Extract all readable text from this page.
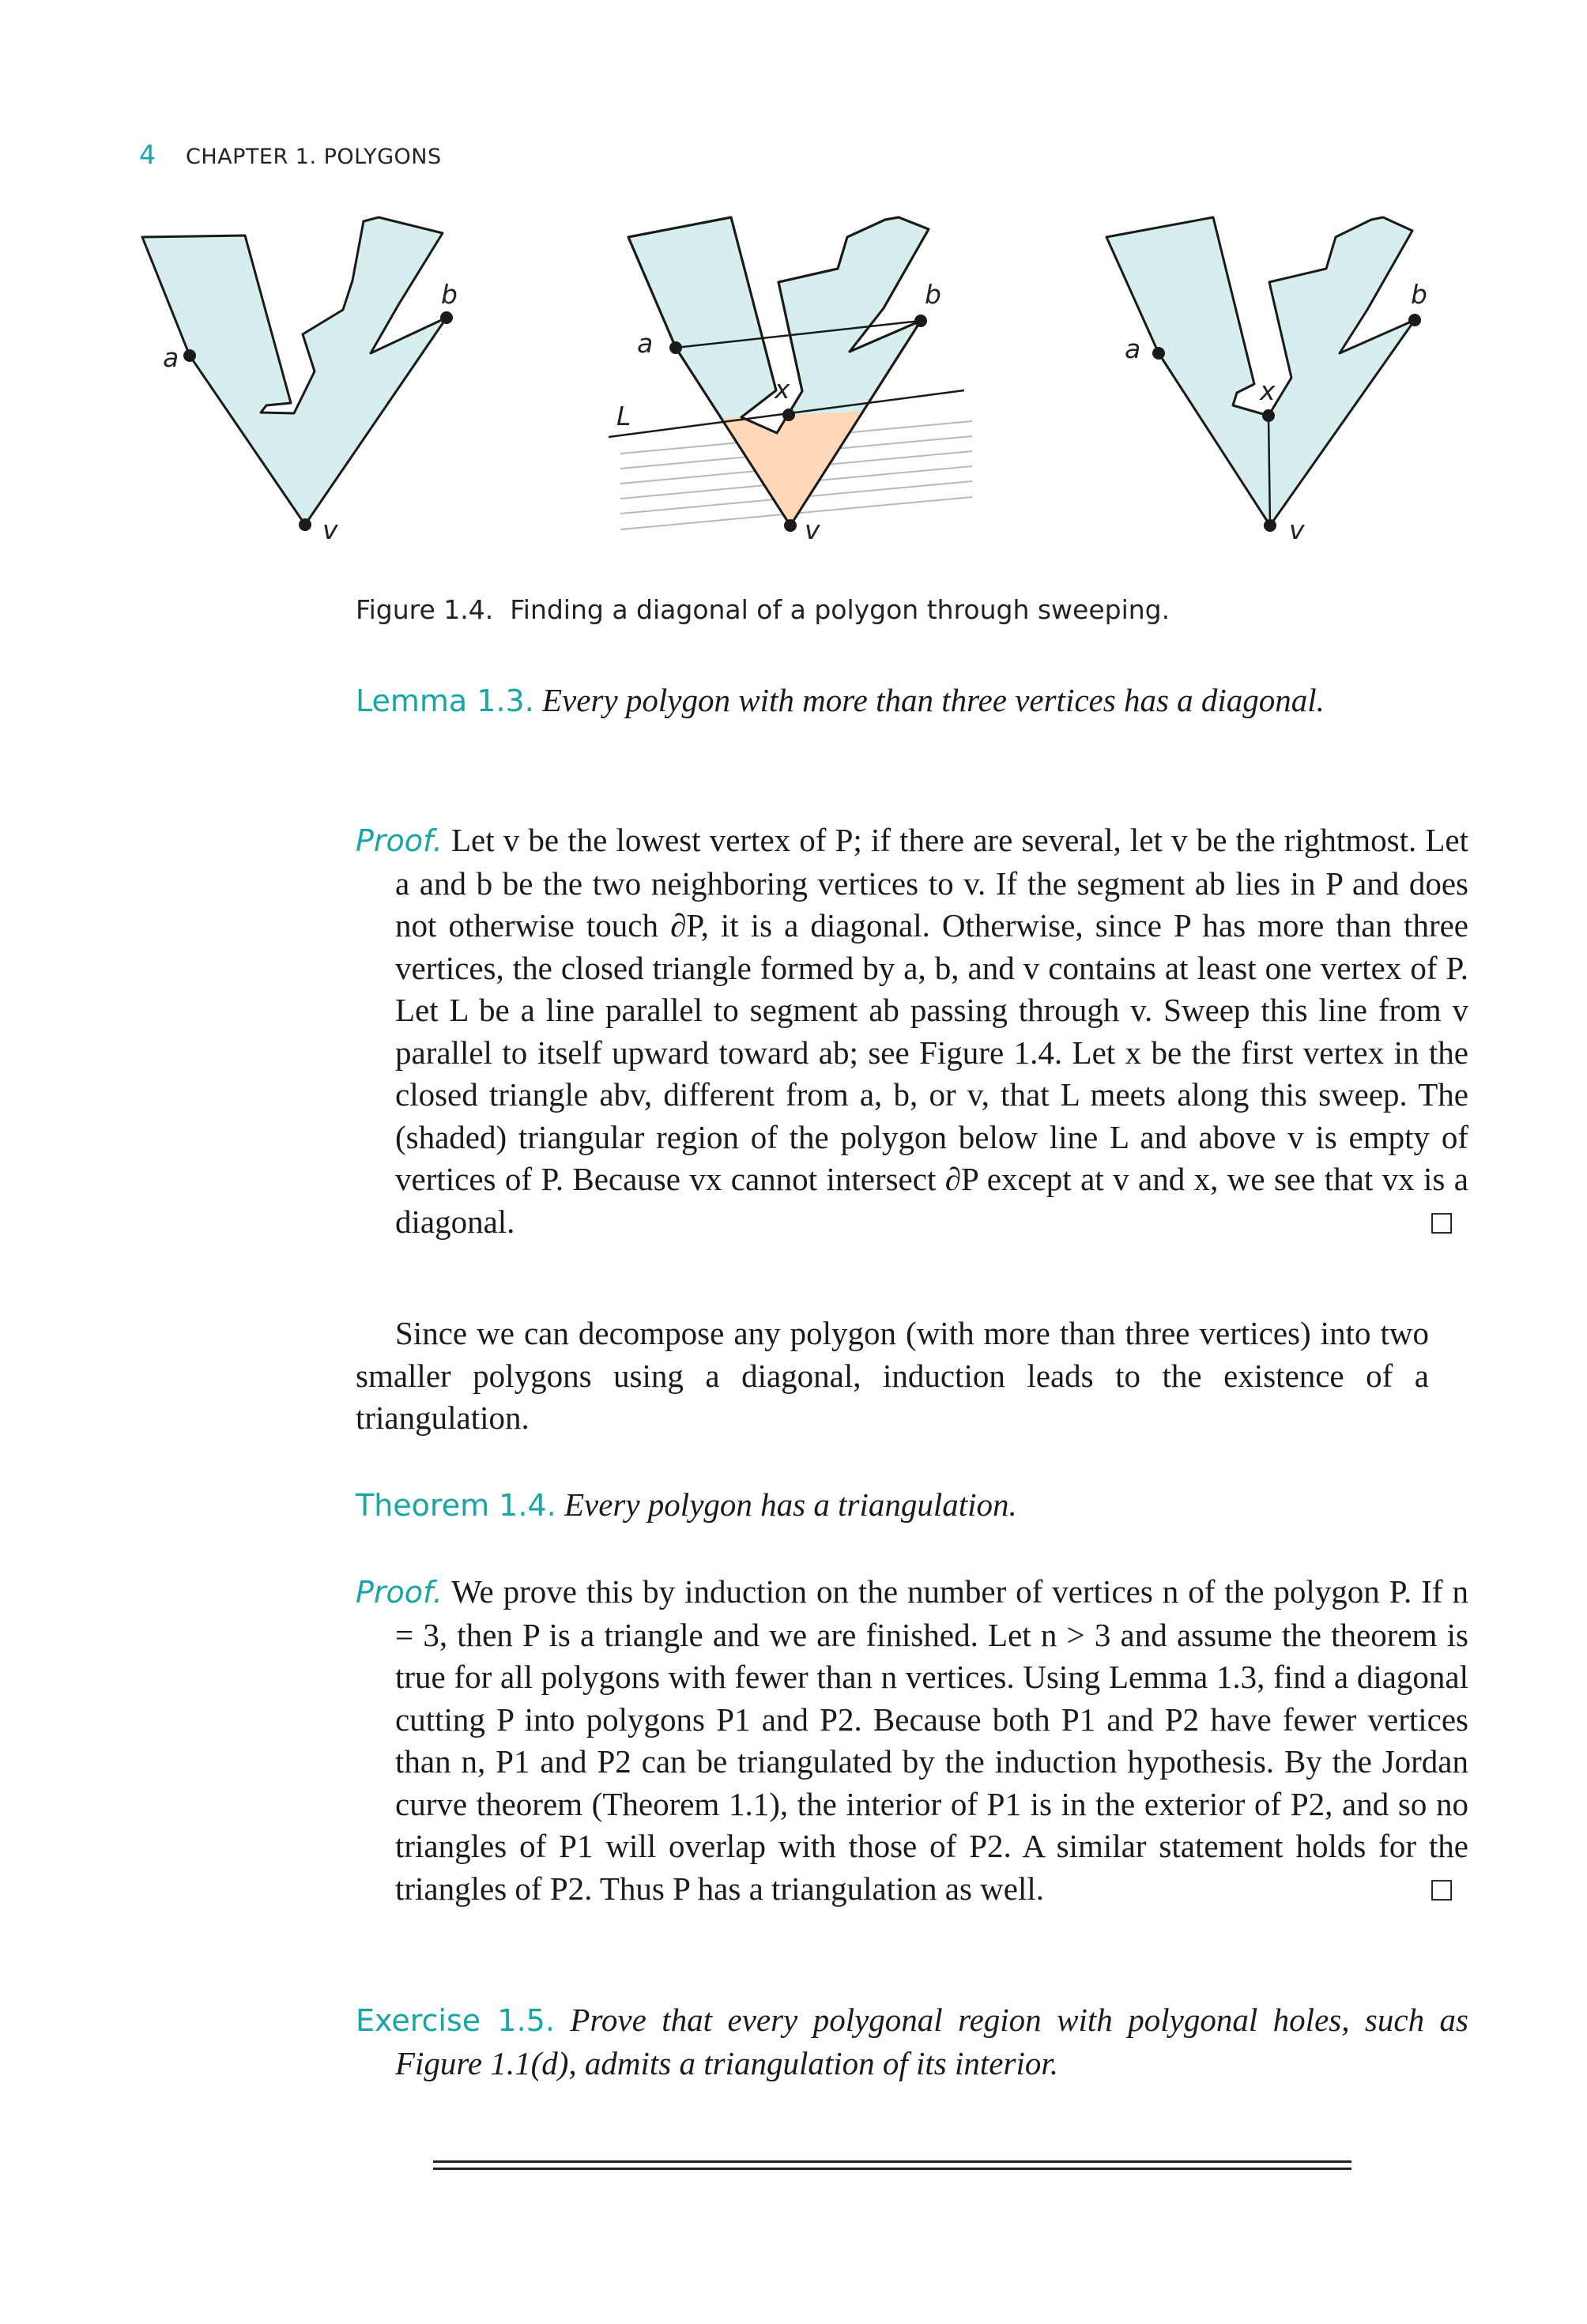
4 CHAPTER 1. POLYGONS
a
b
v
a
b
x
L
v
a
b
x
v
Figure 1.4.  Finding a diagonal of a polygon through sweeping.
Lemma 1.3. Every polygon with more than three vertices has a diagonal.
Proof. Let v be the lowest vertex of P; if there are several, let v be the rightmost. Let a and b be the two neighboring vertices to v. If the segment ab lies in P and does not otherwise touch ∂P, it is a diagonal. Otherwise, since P has more than three vertices, the closed triangle formed by a, b, and v contains at least one vertex of P. Let L be a line parallel to segment ab passing through v. Sweep this line from v parallel to itself upward toward ab; see Figure 1.4. Let x be the first vertex in the closed triangle abv, different from a, b, or v, that L meets along this sweep. The (shaded) triangular region of the polygon below line L and above v is empty of vertices of P. Because vx cannot intersect ∂P except at v and x, we see that vx is a diagonal.	□
Since we can decompose any polygon (with more than three vertices) into two smaller polygons using a diagonal, induction leads to the existence of a triangulation.
Theorem 1.4. Every polygon has a triangulation.
Proof. We prove this by induction on the number of vertices n of the polygon P. If n = 3, then P is a triangle and we are finished. Let n > 3 and assume the theorem is true for all polygons with fewer than n vertices. Using Lemma 1.3, find a diagonal cutting P into polygons P1 and P2. Because both P1 and P2 have fewer vertices than n, P1 and P2 can be triangulated by the induction hypothesis. By the Jordan curve theorem (Theorem 1.1), the interior of P1 is in the exterior of P2, and so no triangles of P1 will overlap with those of P2. A similar statement holds for the triangles of P2. Thus P has a triangulation as well.	□
Exercise 1.5. Prove that every polygonal region with polygonal holes, such as Figure 1.1(d), admits a triangulation of its interior.
